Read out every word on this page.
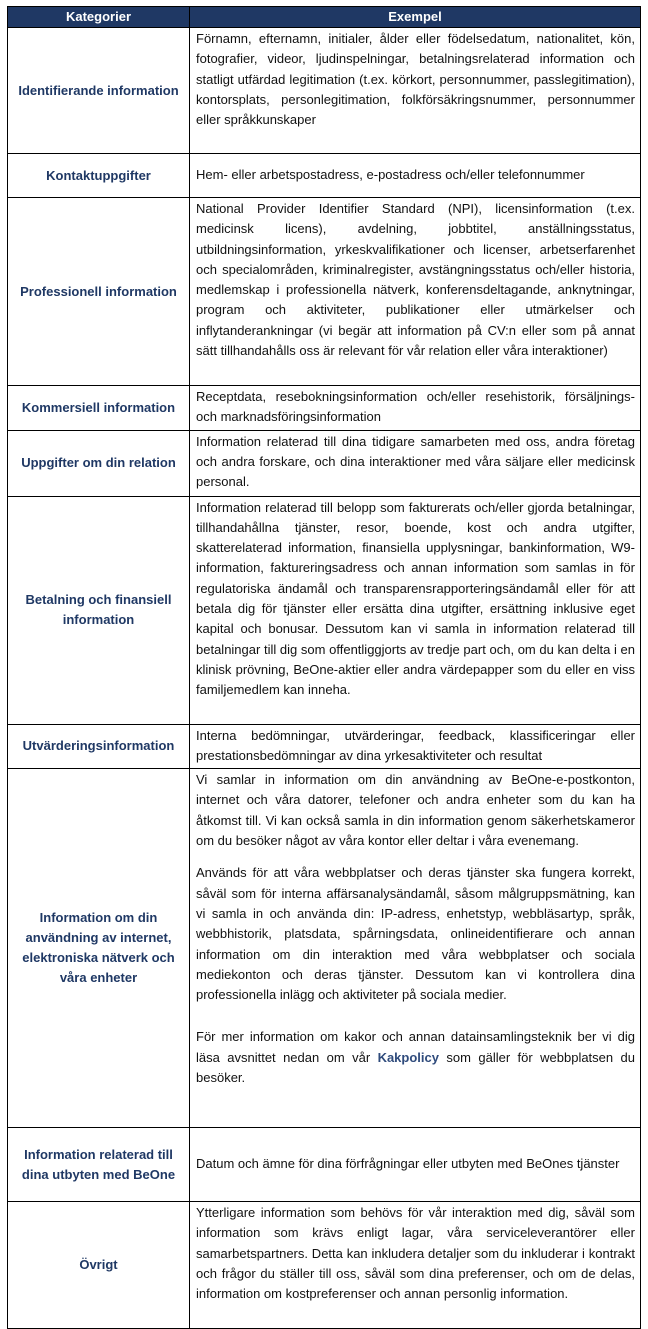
Kategorier	Exempel
Identifierande information	Förnamn, efternamn, initialer, ålder eller födelsedatum, nationalitet, kön, fotografier, videor, ljudinspelningar, betalningsrelaterad information och statligt utfärdad legitimation (t.ex. körkort, personnummer, passlegitimation), kontorsplats, personlegitimation, folkförsäkringsnummer, personnummer eller språkkunskaper
Kontaktuppgifter	Hem- eller arbetspostadress, e-postadress och/eller telefonnummer
Professionell information	National Provider Identifier Standard (NPI), licensinformation (t.ex. medicinsk licens), avdelning, jobbtitel, anställningsstatus, utbildningsinformation, yrkeskvalifikationer och licenser, arbetserfarenhet och specialområden, kriminalregister, avstängningsstatus och/eller historia, medlemskap i professionella nätverk, konferensdeltagande, anknytningar, program och aktiviteter, publikationer eller utmärkelser och inflytanderankningar (vi begär att information på CV:n eller som på annat sätt tillhandahålls oss är relevant för vår relation eller våra interaktioner)
Kommersiell information	Receptdata, resebokningsinformation och/eller resehistorik, försäljnings- och marknadsföringsinformation
Uppgifter om din relation	Information relaterad till dina tidigare samarbeten med oss, andra företag och andra forskare, och dina interaktioner med våra säljare eller medicinsk personal.
Betalning och finansiell information	Information relaterad till belopp som fakturerats och/eller gjorda betalningar, tillhandahållna tjänster, resor, boende, kost och andra utgifter, skatterelaterad information, finansiella upplysningar, bankinformation, W9-information, faktureringsadress och annan information som samlas in för regulatoriska ändamål och transparensrapporteringsändamål eller för att betala dig för tjänster eller ersätta dina utgifter, ersättning inklusive eget kapital och bonusar. Dessutom kan vi samla in information relaterad till betalningar till dig som offentliggjorts av tredje part och, om du kan delta i en klinisk prövning, BeOne-aktier eller andra värdepapper som du eller en viss familjemedlem kan inneha.
Utvärderingsinformation	Interna bedömningar, utvärderingar, feedback, klassificeringar eller prestationsbedömningar av dina yrkesaktiviteter och resultat
Information om din användning av internet, elektroniska nätverk och våra enheter	Vi samlar in information om din användning av BeOne-e-postkonton, internet och våra datorer, telefoner och andra enheter som du kan ha åtkomst till. Vi kan också samla in din information genom säkerhetskameror om du besöker något av våra kontor eller deltar i våra evenemang.

Används för att våra webbplatser och deras tjänster ska fungera korrekt, såväl som för interna affärsanalysändamål, såsom målgruppsmätning, kan vi samla in och använda din: IP-adress, enhetstyp, webbläsartyp, språk, webbhistorik, platsdata, spårningsdata, onlineidentifierare och annan information om din interaktion med våra webbplatser och sociala mediekonton och deras tjänster. Dessutom kan vi kontrollera dina professionella inlägg och aktiviteter på sociala medier.

För mer information om kakor och annan datainsamlingsteknik ber vi dig läsa avsnittet nedan om vår Kakpolicy som gäller för webbplatsen du besöker.

Information relaterad till dina utbyten med BeOne	Datum och ämne för dina förfrågningar eller utbyten med BeOnes tjänster
Övrigt	Ytterligare information som behövs för vår interaktion med dig, såväl som information som krävs enligt lagar, våra serviceleverantörer eller samarbetspartners. Detta kan inkludera detaljer som du inkluderar i kontrakt och frågor du ställer till oss, såväl som dina preferenser, och om de delas, information om kostpreferenser och annan personlig information.
